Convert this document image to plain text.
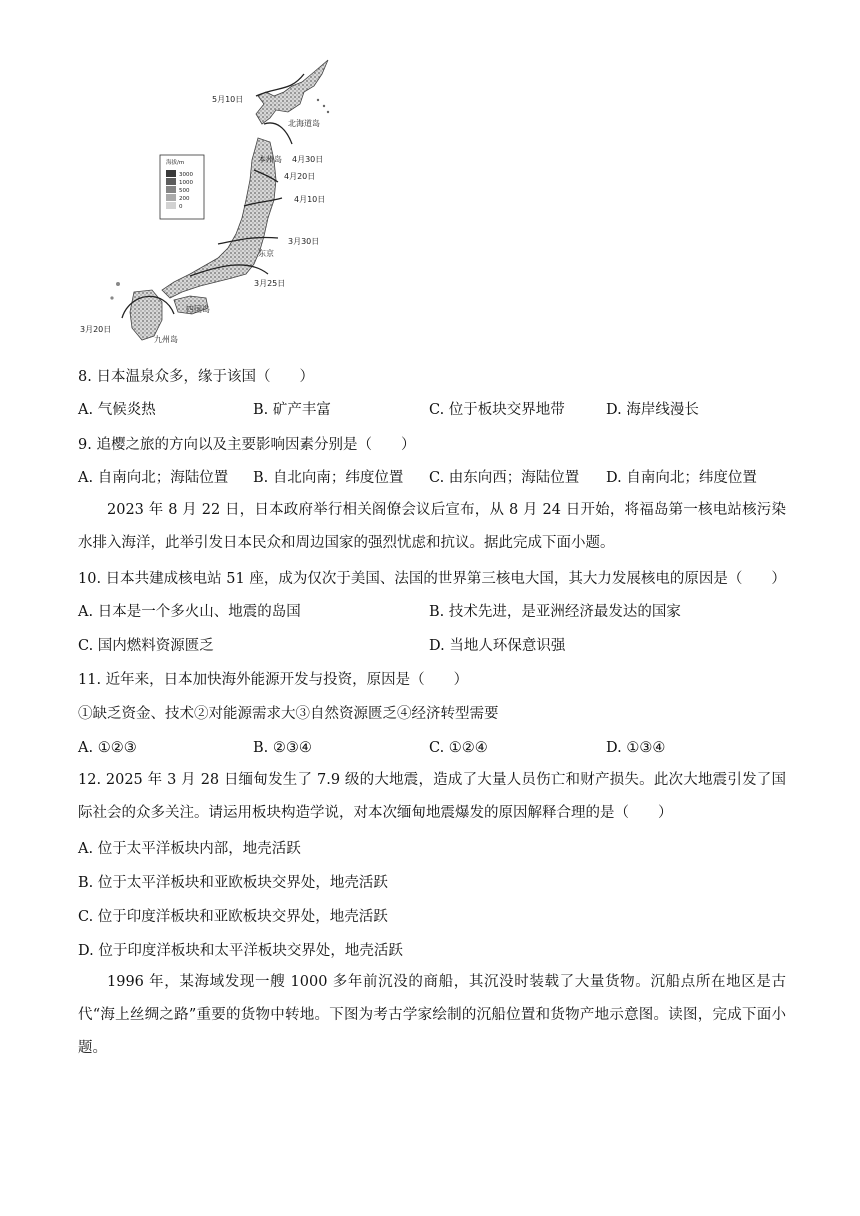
海拔/m
3000
1000
500
200
0
5月10日
4月30日
4月20日
4月10日
3月30日
3月25日
3月20日
北海道岛
本州岛
东京
四国岛
九州岛
8. 日本温泉众多，缘于该国（　　）
A. 气候炎热	B. 矿产丰富	C. 位于板块交界地带	D. 海岸线漫长
9. 追樱之旅的方向以及主要影响因素分别是（　　）
A. 自南向北；海陆位置 B. 自北向南；纬度位置 C. 由东向西；海陆位置 D. 自南向北；纬度位置
2023 年 8 月 22 日，日本政府举行相关阁僚会议后宣布，从 8 月 24 日开始，将福岛第一核电站核污染水排入海洋，此举引发日本民众和周边国家的强烈忧虑和抗议。据此完成下面小题。
10. 日本共建成核电站 51 座，成为仅次于美国、法国的世界第三核电大国，其大力发展核电的原因是（　　）
A. 日本是一个多火山、地震的岛国	B. 技术先进，是亚洲经济最发达的国家
C. 国内燃料资源匮乏	D. 当地人环保意识强
11. 近年来，日本加快海外能源开发与投资，原因是（　　）
①缺乏资金、技术②对能源需求大③自然资源匮乏④经济转型需要
A. ①②③	B. ②③④	C. ①②④	D. ①③④
12. 2025 年 3 月 28 日缅甸发生了 7.9 级的大地震，造成了大量人员伤亡和财产损失。此次大地震引发了国际社会的众多关注。请运用板块构造学说，对本次缅甸地震爆发的原因解释合理的是（　　）
A. 位于太平洋板块内部，地壳活跃
B. 位于太平洋板块和亚欧板块交界处，地壳活跃
C. 位于印度洋板块和亚欧板块交界处，地壳活跃
D. 位于印度洋板块和太平洋板块交界处，地壳活跃
1996 年，某海域发现一艘 1000 多年前沉没的商船，其沉没时装载了大量货物。沉船点所在地区是古代“海上丝绸之路”重要的货物中转地。下图为考古学家绘制的沉船位置和货物产地示意图。读图，完成下面小题。
